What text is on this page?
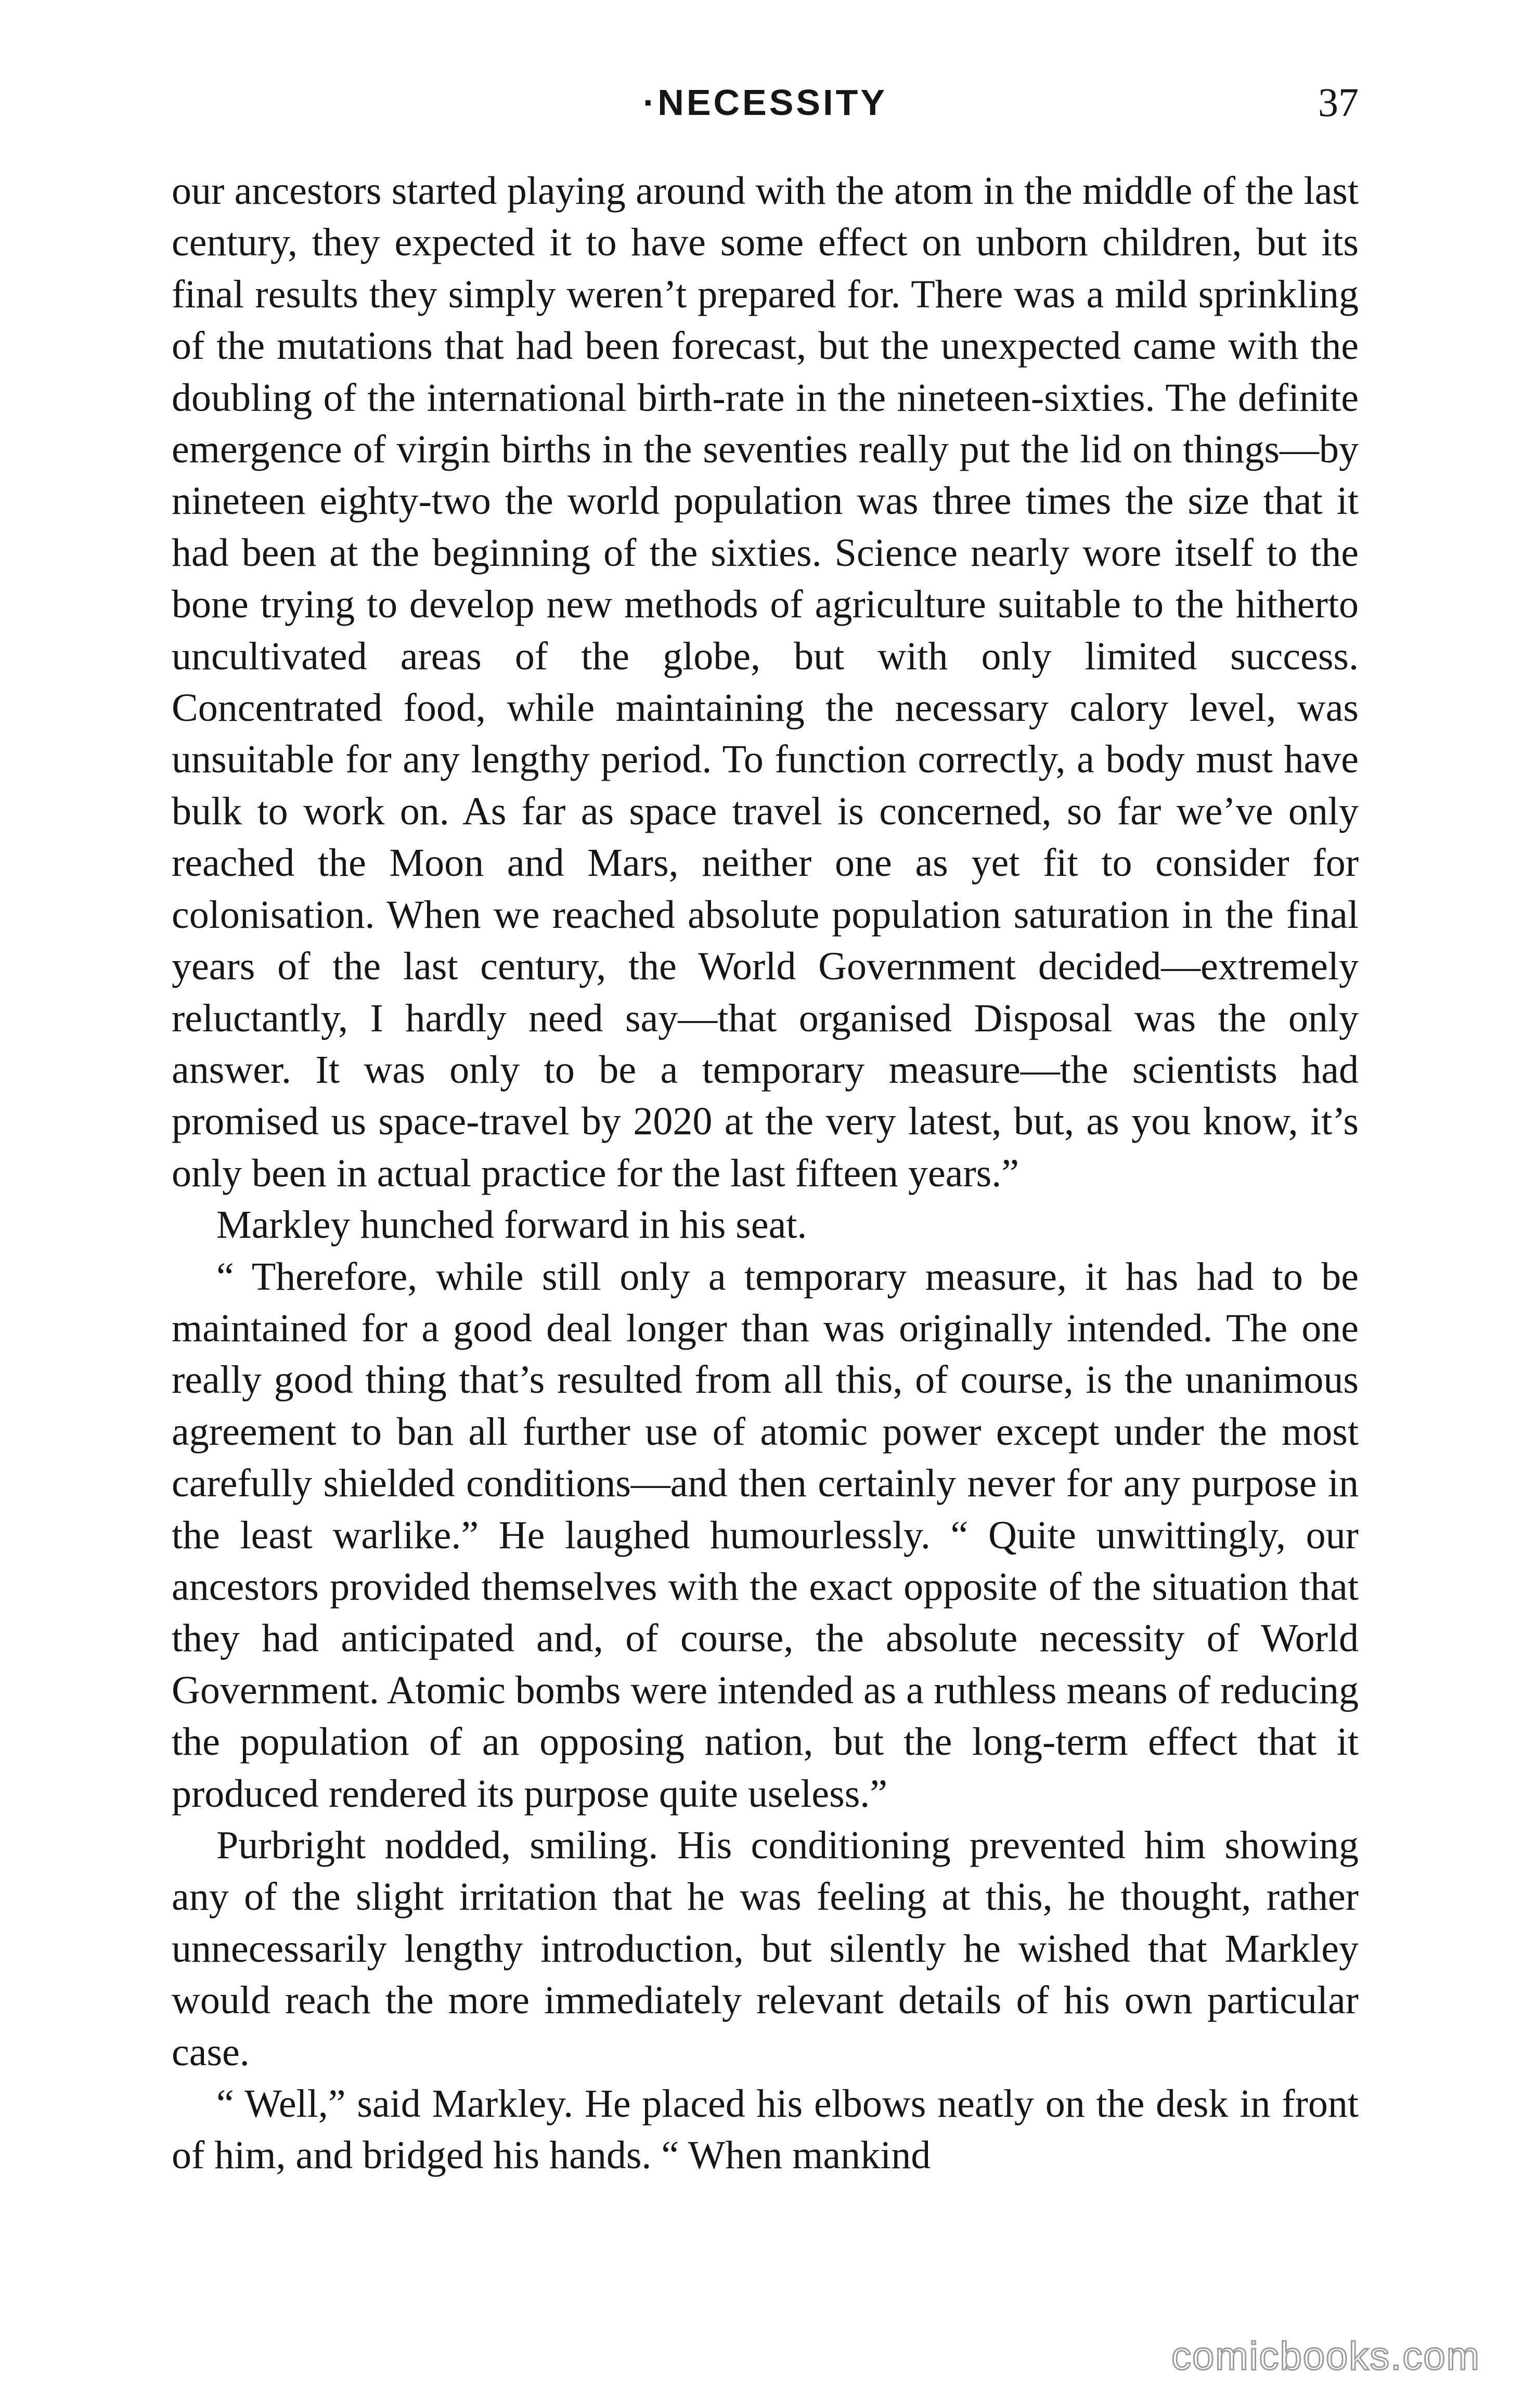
·NECESSITY	37

our ancestors started playing around with the atom in the middle of the last century, they expected it to have some effect on unborn children, but its final results they simply weren’t prepared for. There was a mild sprinkling of the mutations that had been forecast, but the unexpected came with the doubling of the international birth-rate in the nineteen-sixties. The definite emergence of virgin births in the seventies really put the lid on things—by nineteen eighty-two the world population was three times the size that it had been at the beginning of the sixties. Science nearly wore itself to the bone trying to develop new methods of agriculture suitable to the hitherto uncultivated areas of the globe, but with only limited success. Concentrated food, while maintaining the necessary calory level, was unsuitable for any lengthy period. To function correctly, a body must have bulk to work on. As far as space travel is concerned, so far we’ve only reached the Moon and Mars, neither one as yet fit to consider for colonisation. When we reached absolute population saturation in the final years of the last century, the World Government decided—extremely reluctantly, I hardly need say—that organised Disposal was the only answer. It was only to be a temporary measure—the scientists had promised us space-travel by 2020 at the very latest, but, as you know, it’s only been in actual practice for the last fifteen years.”

Markley hunched forward in his seat.

“ Therefore, while still only a temporary measure, it has had to be maintained for a good deal longer than was originally intended. The one really good thing that’s resulted from all this, of course, is the unanimous agreement to ban all further use of atomic power except under the most carefully shielded conditions—and then certainly never for any purpose in the least warlike.” He laughed humourlessly. “ Quite unwittingly, our ancestors provided themselves with the exact opposite of the situation that they had anticipated and, of course, the absolute necessity of World Government. Atomic bombs were intended as a ruthless means of reducing the population of an opposing nation, but the long-term effect that it produced rendered its purpose quite useless.”

Purbright nodded, smiling. His conditioning prevented him showing any of the slight irritation that he was feeling at this, he thought, rather unnecessarily lengthy introduction, but silently he wished that Markley would reach the more immediately relevant details of his own particular case.

“ Well,” said Markley. He placed his elbows neatly on the desk in front of him, and bridged his hands. “ When mankind

comicbooks.com
